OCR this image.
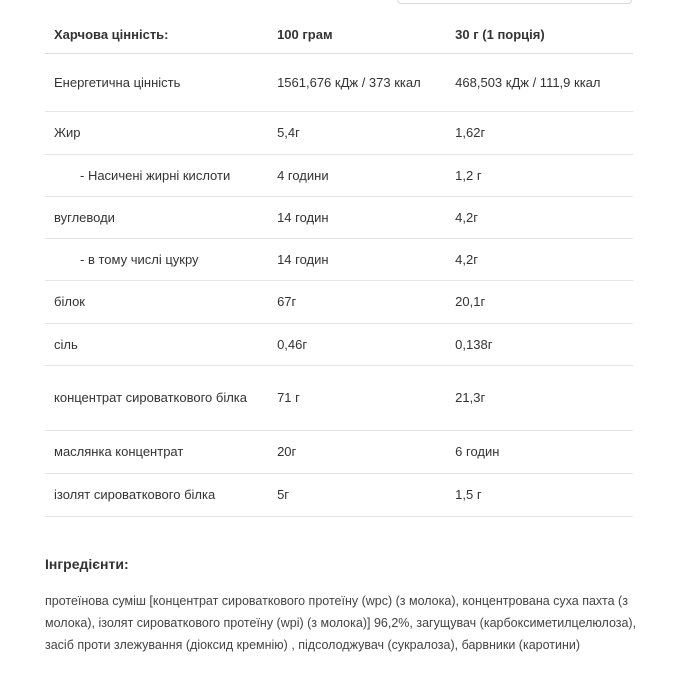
Харчова цінність:	100 грам	30 г (1 порція)
Енергетична цінність	1561,676 кДж / 373 ккал	468,503 кДж / 111,9 ккал
Жир	5,4г	1,62г
- Насичені жирні кислоти	4 години	1,2 г
вуглеводи	14 годин	4,2г
- в тому числі цукру	14 годин	4,2г
білок	67г	20,1г
сіль	0,46г	0,138г
концентрат сироваткового білка	71 г	21,3г
маслянка концентрат	20г	6 годин
ізолят сироваткового білка	5г	1,5 г
Інгредієнти:

протеїнова суміш [концентрат сироваткового протеїну (wpc) (з молока), концентрована суха пахта (з молока), ізолят сироваткового протеїну (wpi) (з молока)] 96,2%, загущувач (карбоксиметилцелюлоза), засіб проти злежування (діоксид кремнію) , підсолоджувач (сукралоза), барвники (каротини)
